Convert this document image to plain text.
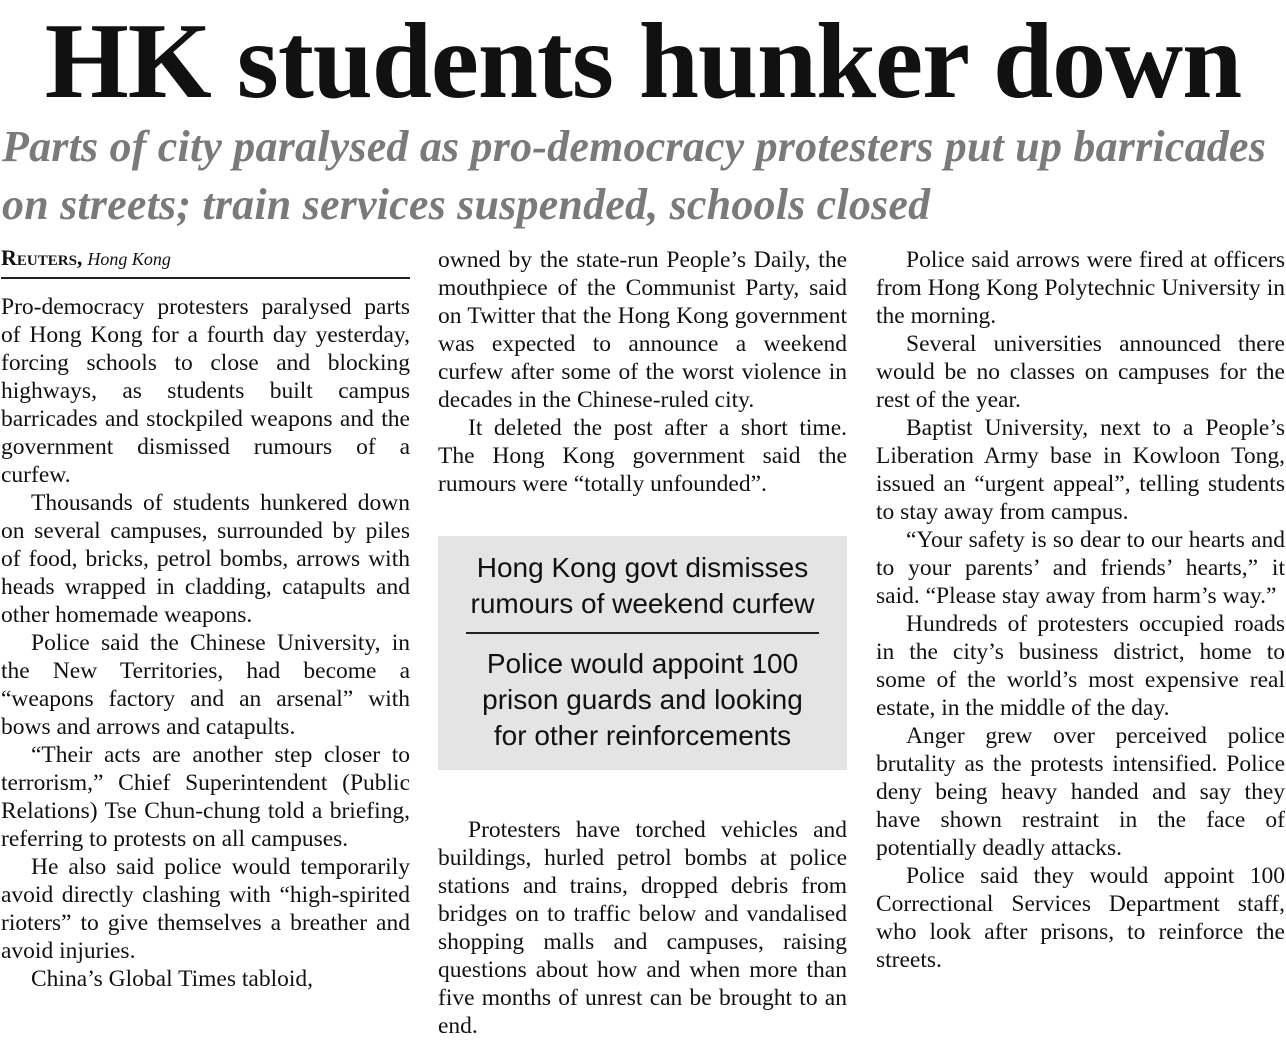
HK students hunker down
Parts of city paralysed as pro-democracy protesters put up barricades on streets; train services suspended, schools closed
Reuters, Hong Kong

Pro-democracy protesters paralysed parts of Hong Kong for a fourth day yesterday, forcing schools to close and blocking highways, as students built campus barricades and stockpiled weapons and the government dismissed rumours of a curfew.

Thousands of students hunkered down on several campuses, surrounded by piles of food, bricks, petrol bombs, arrows with heads wrapped in cladding, catapults and other homemade weapons.

Police said the Chinese University, in the New Territories, had become a “weapons factory and an arsenal” with bows and arrows and catapults.

“Their acts are another step closer to terrorism,” Chief Superintendent (Public Relations) Tse Chun-chung told a briefing, referring to protests on all campuses.

He also said police would temporarily avoid directly clashing with “high-spirited rioters” to give themselves a breather and avoid injuries.

China’s Global Times tabloid,

owned by the state-run People’s Daily, the mouthpiece of the Communist Party, said on Twitter that the Hong Kong government was expected to announce a weekend curfew after some of the worst violence in decades in the Chinese-ruled city.

It deleted the post after a short time. The Hong Kong government said the rumours were “totally unfounded”.

Hong Kong govt dismisses rumours of weekend curfew
Police would appoint 100 prison guards and looking for other reinforcements

Protesters have torched vehicles and buildings, hurled petrol bombs at police stations and trains, dropped debris from bridges on to traffic below and vandalised shopping malls and campuses, raising questions about how and when more than five months of unrest can be brought to an end.

Police said arrows were fired at officers from Hong Kong Polytechnic University in the morning.

Several universities announced there would be no classes on campuses for the rest of the year.

Baptist University, next to a People’s Liberation Army base in Kowloon Tong, issued an “urgent appeal”, telling students to stay away from campus.

“Your safety is so dear to our hearts and to your parents’ and friends’ hearts,” it said. “Please stay away from harm’s way.”

Hundreds of protesters occupied roads in the city’s business district, home to some of the world’s most expensive real estate, in the middle of the day.

Anger grew over perceived police brutality as the protests intensified. Police deny being heavy handed and say they have shown restraint in the face of potentially deadly attacks.

Police said they would appoint 100 Correctional Services Department staff, who look after prisons, to reinforce the streets.
